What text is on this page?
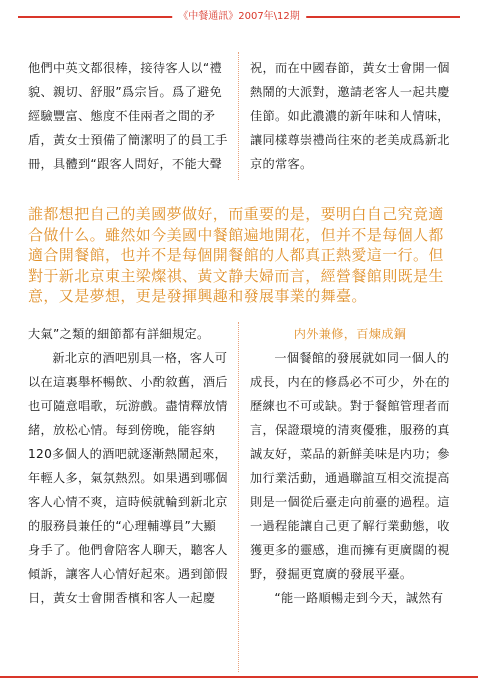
《中餐通訊》2007年\12期

他們中英文都很棒，接待客人以“禮貌、親切、舒服”爲宗旨。爲了避免經驗豐富、態度不佳兩者之間的矛盾，黃女士預備了簡潔明了的員工手冊，具體到“跟客人問好，不能大聲

祝，而在中國春節，黃女士會開一個熱鬧的大派對，邀請老客人一起共慶佳節。如此濃濃的新年味和人情味，讓同樣尊崇禮尚往來的老美成爲新北京的常客。

誰都想把自己的美國夢做好，而重要的是，要明白自己究竟適合做什么。雖然如今美國中餐館遍地開花，但并不是每個人都適合開餐館，也并不是每個開餐館的人都真正熱愛這一行。但對于新北京東主梁燦祺、黃文静夫婦而言，經營餐館則既是生意，又是夢想，更是發揮興趣和發展事業的舞臺。

大氣”之類的細節都有詳細規定。

新北京的酒吧别具一格，客人可以在這裏舉杯暢飲、小酌敘舊，酒后也可隨意唱歌，玩游戲。盡情釋放情緒，放松心情。每到傍晚，能容納120多個人的酒吧就逐漸熱鬧起來，年輕人多，氣氛熱烈。如果遇到哪個客人心情不爽，這時候就輪到新北京的服務員兼任的“心理輔導員”大顯身手了。他們會陪客人聊天，聽客人傾訴，讓客人心情好起來。遇到節假日，黃女士會開香檳和客人一起慶

内外兼修，百煉成鋼

一個餐館的發展就如同一個人的成長，内在的修爲必不可少，外在的歷練也不可或缺。對于餐館管理者而言，保證環境的清爽優雅，服務的真誠友好，菜品的新鮮美味是内功；參加行業活動，通過聯誼互相交流提高則是一個從后臺走向前臺的過程。這一過程能讓自己更了解行業動態，收獲更多的靈感，進而擁有更廣闊的視野，發掘更寬廣的發展平臺。

“能一路順暢走到今天，誠然有
